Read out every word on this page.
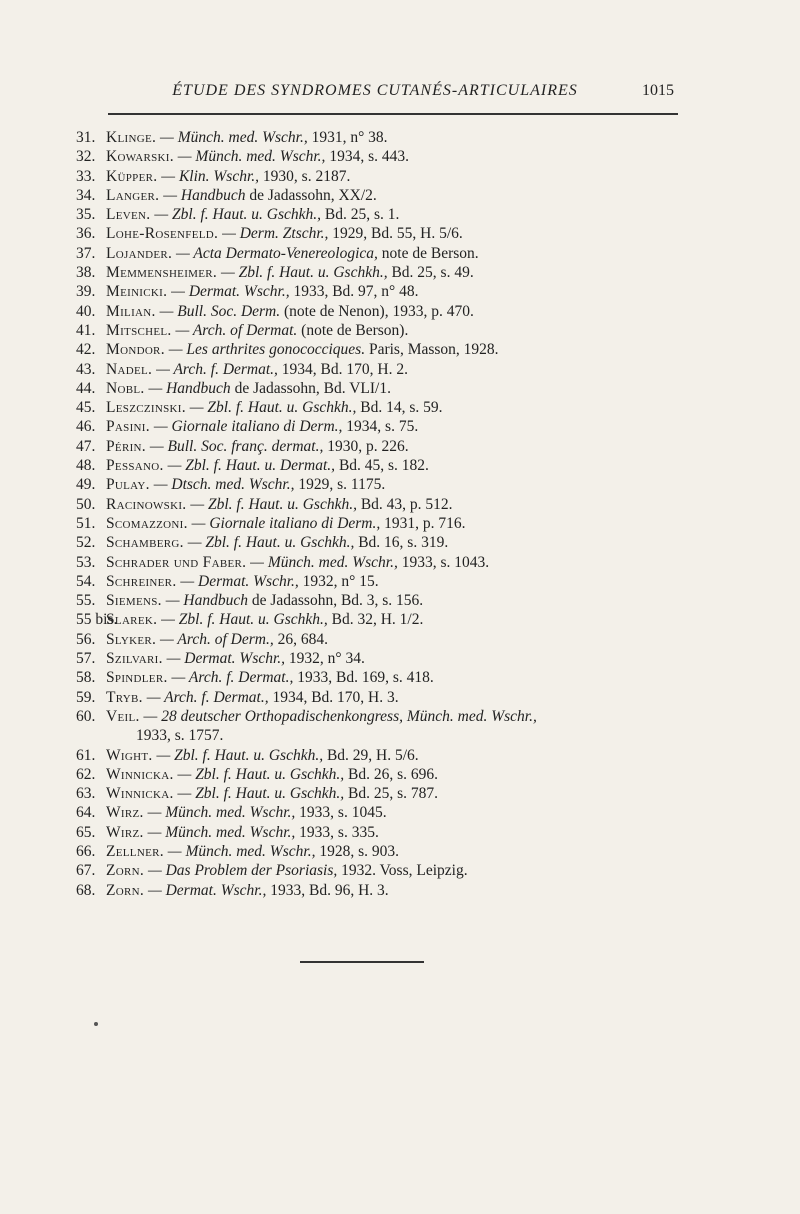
ÉTUDE DES SYNDROMES CUTANÉS-ARTICULAIRES	1015
31. Klinge. — Münch. med. Wschr., 1931, n° 38.
32. Kowarski. — Münch. med. Wschr., 1934, s. 443.
33. Küpper. — Klin. Wschr., 1930, s. 2187.
34. Langer. — Handbuch de Jadassohn, XX/2.
35. Leven. — Zbl. f. Haut. u. Gschkh., Bd. 25, s. 1.
36. Lohe-Rosenfeld. — Derm. Ztschr., 1929, Bd. 55, H. 5/6.
37. Lojander. — Acta Dermato-Venereologica, note de Berson.
38. Memmensheimer. — Zbl. f. Haut. u. Gschkh., Bd. 25, s. 49.
39. Meinicki. — Dermat. Wschr., 1933, Bd. 97, n° 48.
40. Milian. — Bull. Soc. Derm. (note de Nenon), 1933, p. 470.
41. Mitschel. — Arch. of Dermat. (note de Berson).
42. Mondor. — Les arthrites gonococciques. Paris, Masson, 1928.
43. Nadel. — Arch. f. Dermat., 1934, Bd. 170, H. 2.
44. Nobl. — Handbuch de Jadassohn, Bd. VLI/1.
45. Leszczinski. — Zbl. f. Haut. u. Gschkh., Bd. 14, s. 59.
46. Pasini. — Giornale italiano di Derm., 1934, s. 75.
47. Périn. — Bull. Soc. franç. dermat., 1930, p. 226.
48. Pessano. — Zbl. f. Haut. u. Dermat., Bd. 45, s. 182.
49. Pulay. — Dtsch. med. Wschr., 1929, s. 1175.
50. Racinowski. — Zbl. f. Haut. u. Gschkh., Bd. 43, p. 512.
51. Scomazzoni. — Giornale italiano di Derm., 1931, p. 716.
52. Schamberg. — Zbl. f. Haut. u. Gschkh., Bd. 16, s. 319.
53. Schrader und Faber. — Münch. med. Wschr., 1933, s. 1043.
54. Schreiner. — Dermat. Wschr., 1932, n° 15.
55. Siemens. — Handbuch de Jadassohn, Bd. 3, s. 156.
55 bis.
Slarek. — Zbl. f. Haut. u. Gschkh., Bd. 32, H. 1/2.
56. Slyker. — Arch. of Derm., 26, 684.
57. Szilvari. — Dermat. Wschr., 1932, n° 34.
58. Spindler. — Arch. f. Dermat., 1933, Bd. 169, s. 418.
59. Tryb. — Arch. f. Dermat., 1934, Bd. 170, H. 3.
60. Veil. — 28 deutscher Orthopadischenkongress, Münch. med. Wschr.,
1933, s. 1757.
61. Wight. — Zbl. f. Haut. u. Gschkh., Bd. 29, H. 5/6.
62. Winnicka. — Zbl. f. Haut. u. Gschkh., Bd. 26, s. 696.
63. Winnicka. — Zbl. f. Haut. u. Gschkh., Bd. 25, s. 787.
64. Wirz. — Münch. med. Wschr., 1933, s. 1045.
65. Wirz. — Münch. med. Wschr., 1933, s. 335.
66. Zellner. — Münch. med. Wschr., 1928, s. 903.
67. Zorn. — Das Problem der Psoriasis, 1932. Voss, Leipzig.
68. Zorn. — Dermat. Wschr., 1933, Bd. 96, H. 3.
